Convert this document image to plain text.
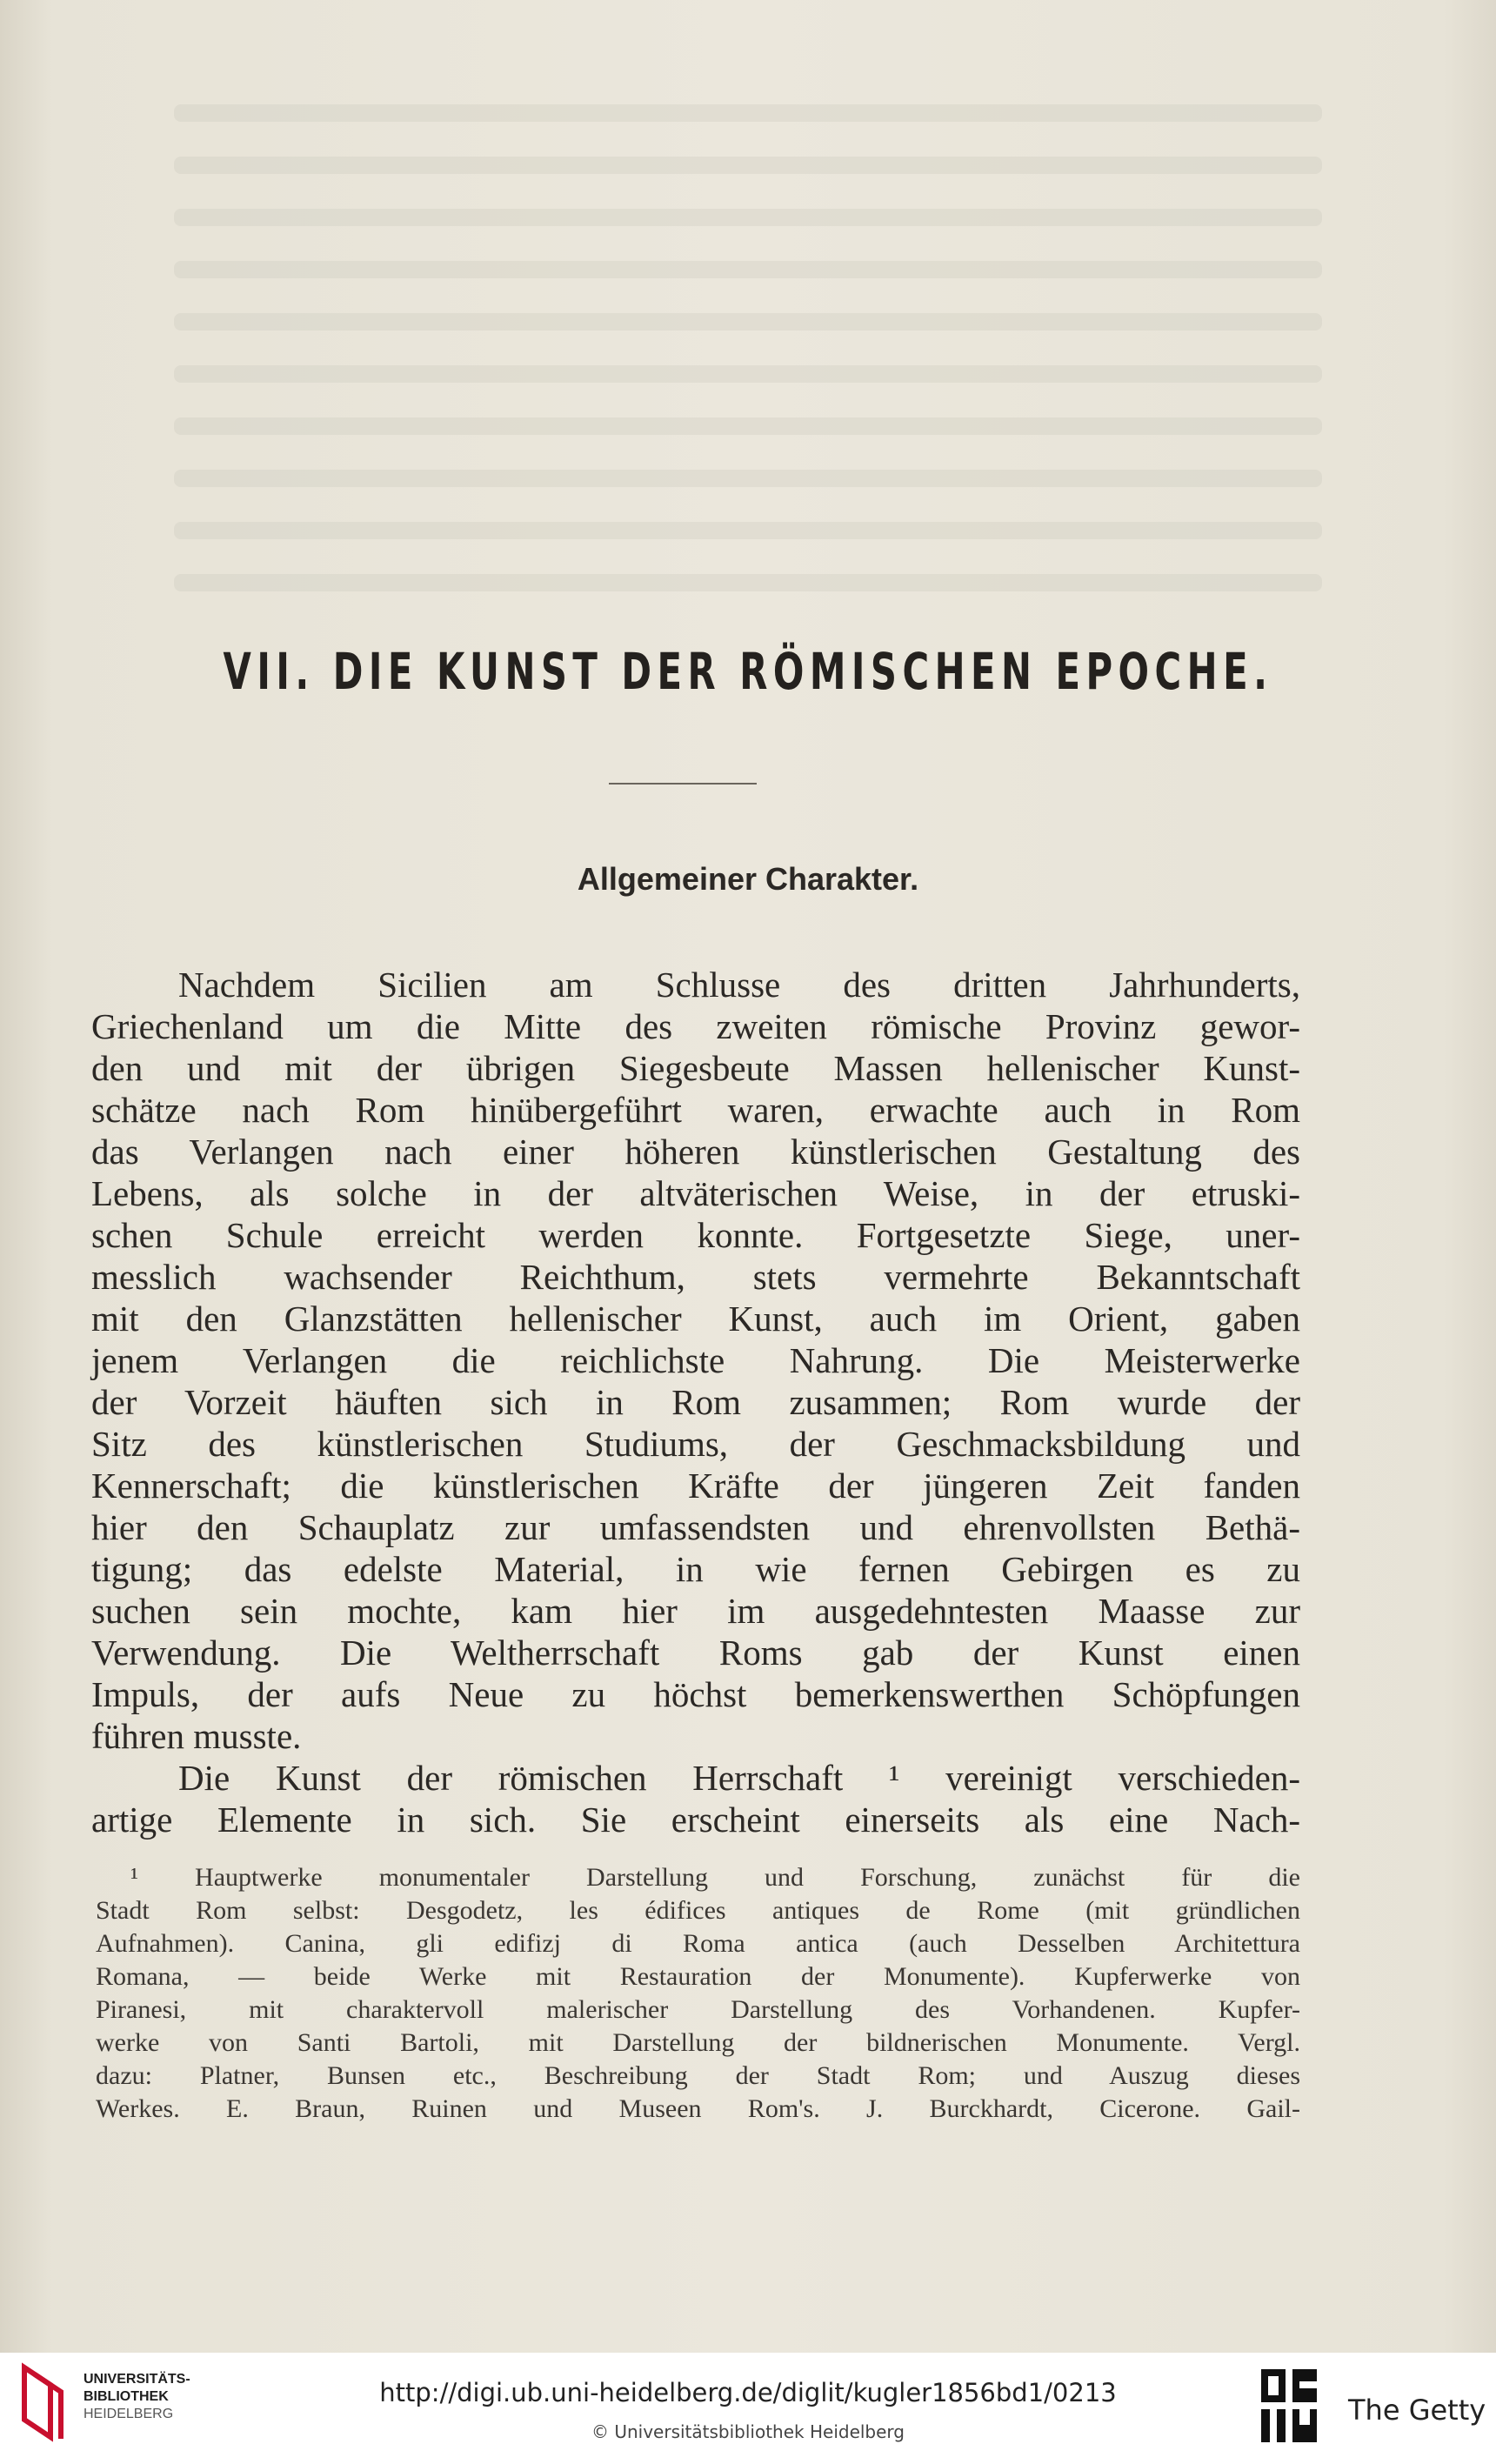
VII. DIE KUNST DER RÖMISCHEN EPOCHE.
Allgemeiner Charakter.
Nachdem Sicilien am Schlusse des dritten Jahrhunderts,
Griechenland um die Mitte des zweiten römische Provinz gewor-
den und mit der übrigen Siegesbeute Massen hellenischer Kunst-
schätze nach Rom hinübergeführt waren, erwachte auch in Rom
das Verlangen nach einer höheren künstlerischen Gestaltung des
Lebens, als solche in der altväterischen Weise, in der etruski-
schen Schule erreicht werden konnte. Fortgesetzte Siege, uner-
messlich wachsender Reichthum, stets vermehrte Bekanntschaft
mit den Glanzstätten hellenischer Kunst, auch im Orient, gaben
jenem Verlangen die reichlichste Nahrung. Die Meisterwerke
der Vorzeit häuften sich in Rom zusammen; Rom wurde der
Sitz des künstlerischen Studiums, der Geschmacksbildung und
Kennerschaft; die künstlerischen Kräfte der jüngeren Zeit fanden
hier den Schauplatz zur umfassendsten und ehrenvollsten Bethä-
tigung; das edelste Material, in wie fernen Gebirgen es zu
suchen sein mochte, kam hier im ausgedehntesten Maasse zur
Verwendung. Die Weltherrschaft Roms gab der Kunst einen
Impuls, der aufs Neue zu höchst bemerkenswerthen Schöpfungen
führen musste.
Die Kunst der römischen Herrschaft ¹ vereinigt verschieden-
artige Elemente in sich. Sie erscheint einerseits als eine Nach-
¹ Hauptwerke monumentaler Darstellung und Forschung, zunächst für die
Stadt Rom selbst: Desgodetz, les édifices antiques de Rome (mit gründlichen
Aufnahmen). Canina, gli edifizj di Roma antica (auch Desselben Architettura
Romana, — beide Werke mit Restauration der Monumente). Kupferwerke von
Piranesi, mit charaktervoll malerischer Darstellung des Vorhandenen. Kupfer-
werke von Santi Bartoli, mit Darstellung der bildnerischen Monumente. Vergl.
dazu: Platner, Bunsen etc., Beschreibung der Stadt Rom; und Auszug dieses
Werkes. E. Braun, Ruinen und Museen Rom's. J. Burckhardt, Cicerone. Gail-
UNIVERSITÄTS-
BIBLIOTHEK
HEIDELBERG
http://digi.ub.uni-heidelberg.de/diglit/kugler1856bd1/0213
© Universitätsbibliothek Heidelberg
The Getty
